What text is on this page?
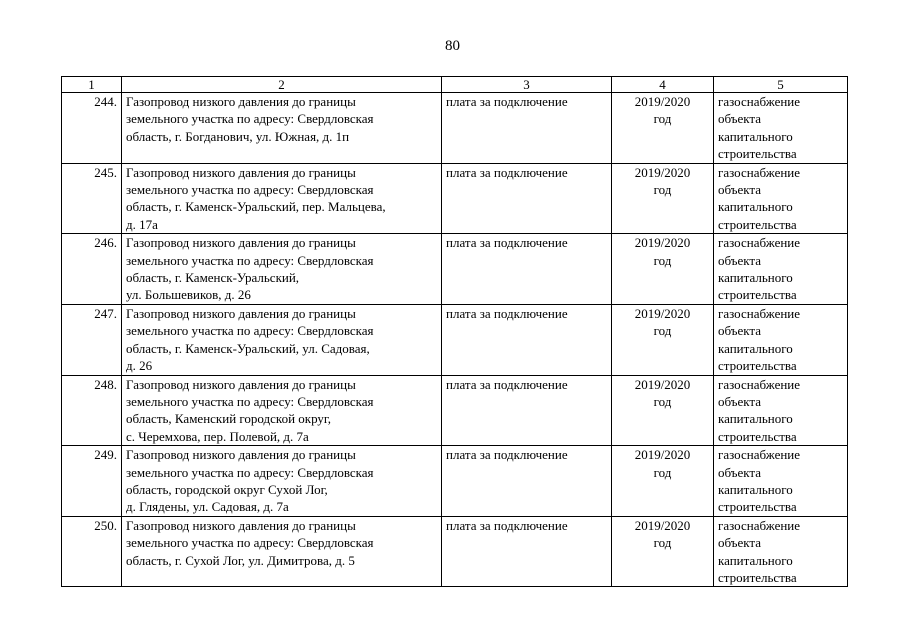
80
1	2	3	4	5
244.	Газопровод низкого давления до границы
земельного участка по адресу: Свердловская
область, г. Богданович, ул. Южная, д. 1п	плата за подключение	2019/2020
год	газоснабжение
объекта
капитального
строительства

245.	Газопровод низкого давления до границы
земельного участка по адресу: Свердловская
область, г. Каменск-Уральский, пер. Мальцева,
д. 17а	плата за подключение	2019/2020
год	газоснабжение
объекта
капитального
строительства

246.	Газопровод низкого давления до границы
земельного участка по адресу: Свердловская
область, г. Каменск-Уральский,
ул. Большевиков, д. 26	плата за подключение	2019/2020
год	газоснабжение
объекта
капитального
строительства

247.	Газопровод низкого давления до границы
земельного участка по адресу: Свердловская
область, г. Каменск-Уральский, ул. Садовая,
д. 26	плата за подключение	2019/2020
год	газоснабжение
объекта
капитального
строительства

248.	Газопровод низкого давления до границы
земельного участка по адресу: Свердловская
область, Каменский городской округ,
с. Черемхова, пер. Полевой, д. 7а	плата за подключение	2019/2020
год	газоснабжение
объекта
капитального
строительства

249.	Газопровод низкого давления до границы
земельного участка по адресу: Свердловская
область, городской округ Сухой Лог,
д. Глядены, ул. Садовая, д. 7а	плата за подключение	2019/2020
год	газоснабжение
объекта
капитального
строительства

250.	Газопровод низкого давления до границы
земельного участка по адресу: Свердловская
область, г. Сухой Лог, ул. Димитрова, д. 5	плата за подключение	2019/2020
год	газоснабжение
объекта
капитального
строительства
